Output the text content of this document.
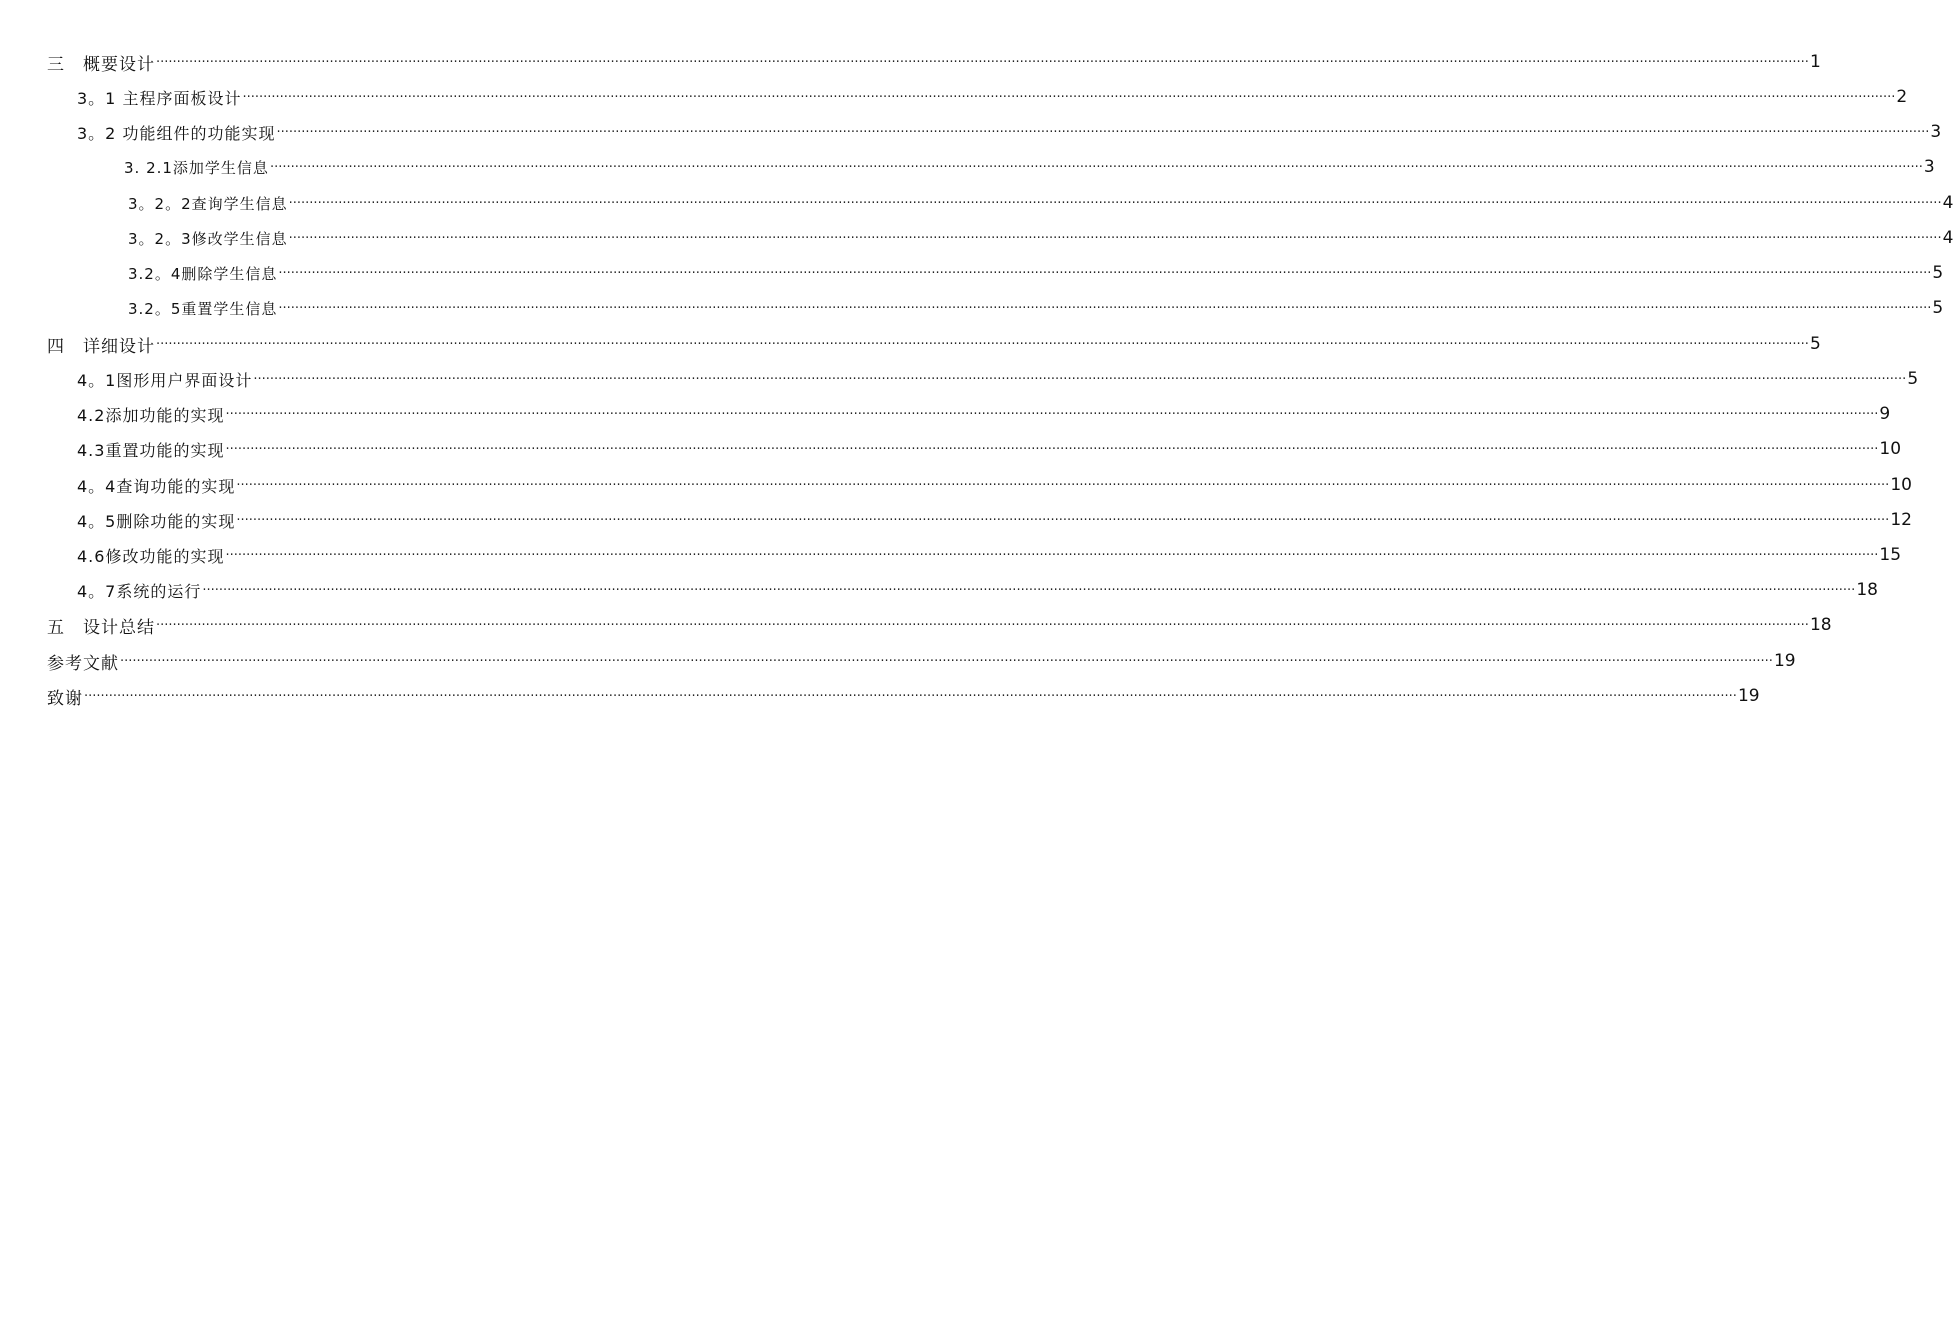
三　概要设计 ················································································································································································································································································································································································································ 1
3。1 主程序面板设计 ················································································································································································································································································································································································································ 2
3。2 功能组件的功能实现 ················································································································································································································································································································································································································ 3
3. 2.1添加学生信息 ················································································································································································································································································································································································································ 3
3。2。2查询学生信息 ················································································································································································································································································································································································································ 4
3。2。3修改学生信息 ················································································································································································································································································································································································································ 4
3.2。4删除学生信息 ················································································································································································································································································································································································································ 5
3.2。5重置学生信息 ················································································································································································································································································································································································································ 5
四　详细设计 ················································································································································································································································································································································································································ 5
4。1图形用户界面设计 ················································································································································································································································································································································································································ 5
4.2添加功能的实现 ················································································································································································································································································································································································································ 9
4.3重置功能的实现 ················································································································································································································································································································································································································ 10
4。4查询功能的实现 ················································································································································································································································································································································································································ 10
4。5删除功能的实现 ················································································································································································································································································································································································································ 12
4.6修改功能的实现 ················································································································································································································································································································································································································ 15
4。7系统的运行 ················································································································································································································································································································································································································ 18
五　设计总结 ················································································································································································································································································································································································································ 18
参考文献 ················································································································································································································································································································································································································ 19
致谢 ················································································································································································································································································································································································································ 19
